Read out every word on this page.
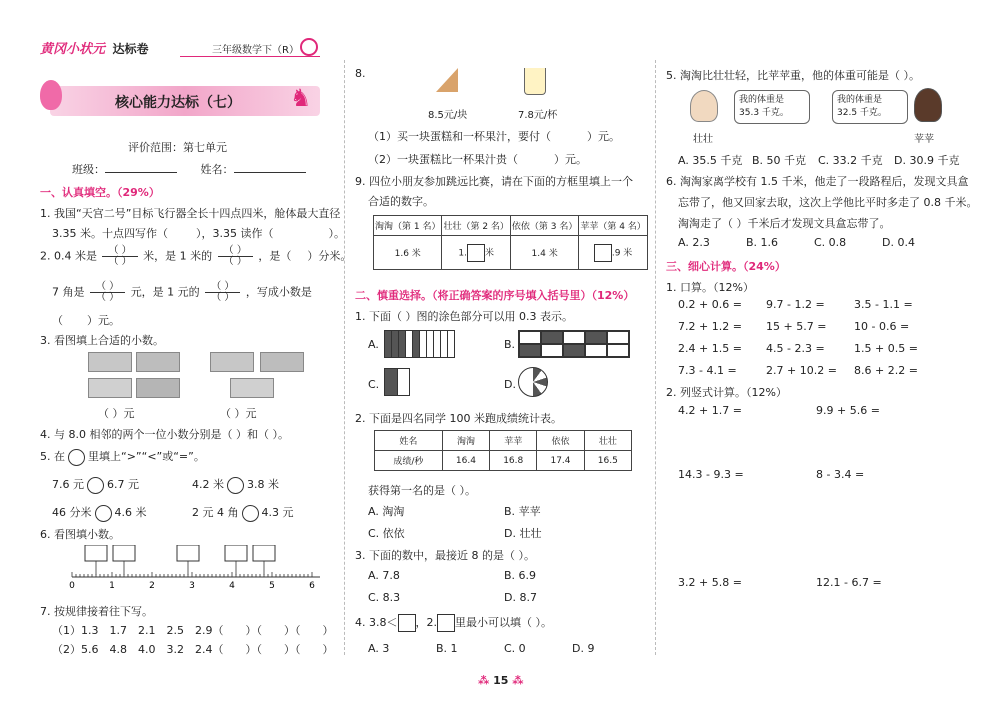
黄冈小状元 达标卷	三年级数学下（R）
♞
核心能力达标（七）
评价范围：第七单元
班级：	姓名：
一、认真填空。（29%）
1. 我国“天宫二号”目标飞行器全长十四点四米，舱体最大直径
3.35 米。十点四写作（	），3.35 读作（	）。
2. 0.4 米是 $\frac{( )}{( )}$ 米，是 1 米的 $\frac{( )}{( )}$ ，是（ ）分米。
7 角是 $\frac{( )}{( )}$ 元，是 1 元的 $\frac{( )}{( )}$ ，写成小数是
（ ）元。
3. 看图填上合适的小数。
（ ）元	（ ）元
4. 与 8.0 相邻的两个一位小数分别是（ ）和（ ）。
5. 在 里填上“>”“<”或“=”。
7.6 元 6.7 元	4.2 米 3.8 米
46 分米 4.6 米	2 元 4 角 4.3 元
6. 看图填小数。
0	1	2	3	4	5	6
7. 按规律接着往下写。
（1）1.3　1.7　2.1　2.5　2.9（　　）（　　）（　　）
（2）5.6　4.8　4.0　3.2　2.4（　　）（　　）（　　）
8.
8.5元/块	7.8元/杯
（1）买一块蛋糕和一杯果汁，要付（	）元。
（2）一块蛋糕比一杯果汁贵（	）元。
9. 四位小朋友参加跳远比赛，请在下面的方框里填上一个
合适的数字。
淘淘（第 1 名）	壮壮（第 2 名）	依依（第 3 名）	苹苹（第 4 名）
1.6 米	1. 米	1.4 米	.9 米
二、慎重选择。（将正确答案的序号填入括号里）（12%）
1. 下面（ ）图的涂色部分可以用 0.3 表示。
A.	B.
C.	D.
2. 下面是四名同学 100 米跑成绩统计表。
姓名	淘淘	苹苹	依依	壮壮
成绩/秒	16.4	16.8	17.4	16.5
获得第一名的是（ ）。
A. 淘淘	B. 苹苹
C. 依依	D. 壮壮
3. 下面的数中，最接近 8 的是（ ）。
A. 7.8	B. 6.9
C. 8.3	D. 8.7
4. 3.8＜ ，2. 里最小可以填（ ）。
A. 3	B. 1	C. 0	D. 9
⁂ 15 ⁂
5. 淘淘比壮壮轻，比苹苹重，他的体重可能是（ ）。
我的体重是 35.3 千克。
我的体重是 32.5 千克。
壮壮	苹苹
A. 35.5 千克 B. 50 千克 C. 33.2 千克 D. 30.9 千克
6. 淘淘家离学校有 1.5 千米，他走了一段路程后，发现文具盒
忘带了，他又回家去取，这次上学他比平时多走了 0.8 千米。
淘淘走了（ ）千米后才发现文具盒忘带了。
A. 2.3	B. 1.6	C. 0.8	D. 0.4
三、细心计算。（24%）
1. 口算。（12%）
0.2 + 0.6 =	9.7 - 1.2 =	3.5 - 1.1 =
7.2 + 1.2 =	15 + 5.7 =	10 - 0.6 =
2.4 + 1.5 =	4.5 - 2.3 =	1.5 + 0.5 =
7.3 - 4.1 =	2.7 + 10.2 =	8.6 + 2.2 =
2. 列竖式计算。（12%）
4.2 + 1.7 =	9.9 + 5.6 =
14.3 - 9.3 =	8 - 3.4 =
3.2 + 5.8 =	12.1 - 6.7 =
